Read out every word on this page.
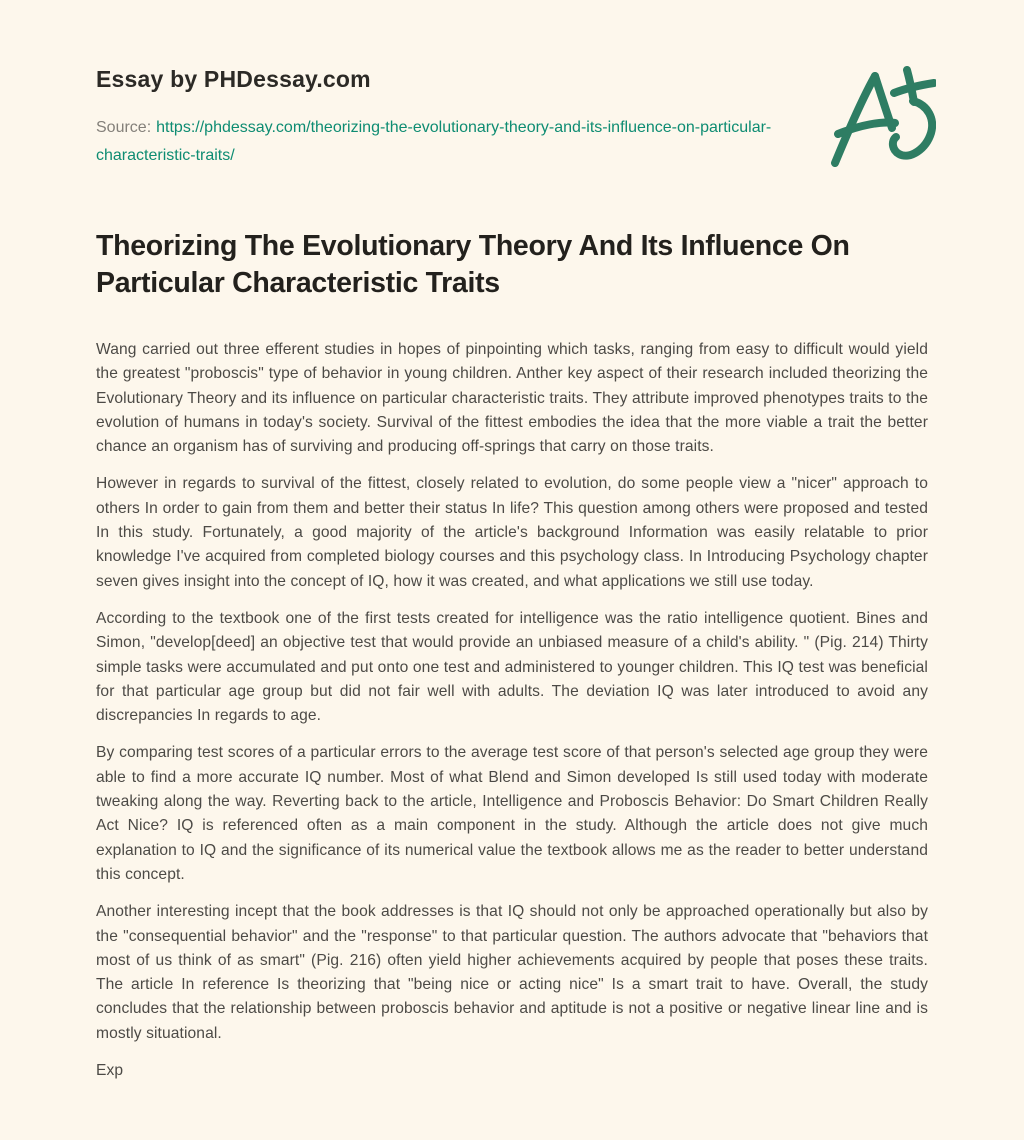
Essay by PHDessay.com

Source: https://phdessay.com/theorizing-the-evolutionary-theory-and-its-influence-on-particular-characteristic-traits/

Theorizing The Evolutionary Theory And Its Influence On Particular Characteristic Traits

Wang carried out three efferent studies in hopes of pinpointing which tasks, ranging from easy to difficult would yield the greatest "proboscis" type of behavior in young children. Anther key aspect of their research included theorizing the Evolutionary Theory and its influence on particular characteristic traits. They attribute improved phenotypes traits to the evolution of humans in today's society. Survival of the fittest embodies the idea that the more viable a trait the better chance an organism has of surviving and producing off-springs that carry on those traits.

However in regards to survival of the fittest, closely related to evolution, do some people view a "nicer" approach to others In order to gain from them and better their status In life? This question among others were proposed and tested In this study. Fortunately, a good majority of the article's background Information was easily relatable to prior knowledge I've acquired from completed biology courses and this psychology class. In Introducing Psychology chapter seven gives insight into the concept of IQ, how it was created, and what applications we still use today.

According to the textbook one of the first tests created for intelligence was the ratio intelligence quotient. Bines and Simon, "develop[deed] an objective test that would provide an unbiased measure of a child's ability. " (Pig. 214) Thirty simple tasks were accumulated and put onto one test and administered to younger children. This IQ test was beneficial for that particular age group but did not fair well with adults. The deviation IQ was later introduced to avoid any discrepancies In regards to age.

By comparing test scores of a particular errors to the average test score of that person's selected age group they were able to find a more accurate IQ number. Most of what Blend and Simon developed Is still used today with moderate tweaking along the way. Reverting back to the article, Intelligence and Proboscis Behavior: Do Smart Children Really Act Nice? IQ is referenced often as a main component in the study. Although the article does not give much explanation to IQ and the significance of its numerical value the textbook allows me as the reader to better understand this concept.

Another interesting incept that the book addresses is that IQ should not only be approached operationally but also by the "consequential behavior" and the "response" to that particular question. The authors advocate that "behaviors that most of us think of as smart" (Pig. 216) often yield higher achievements acquired by people that poses these traits. The article In reference Is theorizing that "being nice or acting nice" Is a smart trait to have. Overall, the study concludes that the relationship between proboscis behavior and aptitude is not a positive or negative linear line and is mostly situational.

Exp
